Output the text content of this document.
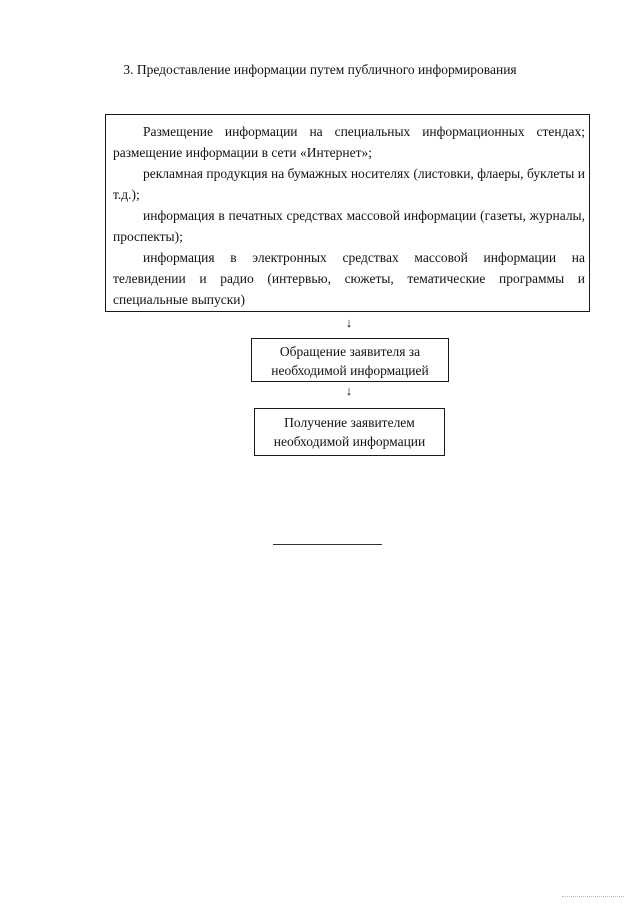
3. Предоставление информации путем публичного информирования

Размещение информации на специальных информационных стендах; размещение информации в сети «Интернет»;

рекламная продукция на бумажных носителях (листовки, флаеры, буклеты и т.д.);

информация в печатных средствах массовой информации (газеты, журналы, проспекты);

информация в электронных средствах массовой информации на телевидении и радио (интервью, сюжеты, тематические программы и специальные выпуски)

↓
Обращение заявителя за
необходимой информацией
↓
Получение заявителем
необходимой информации
